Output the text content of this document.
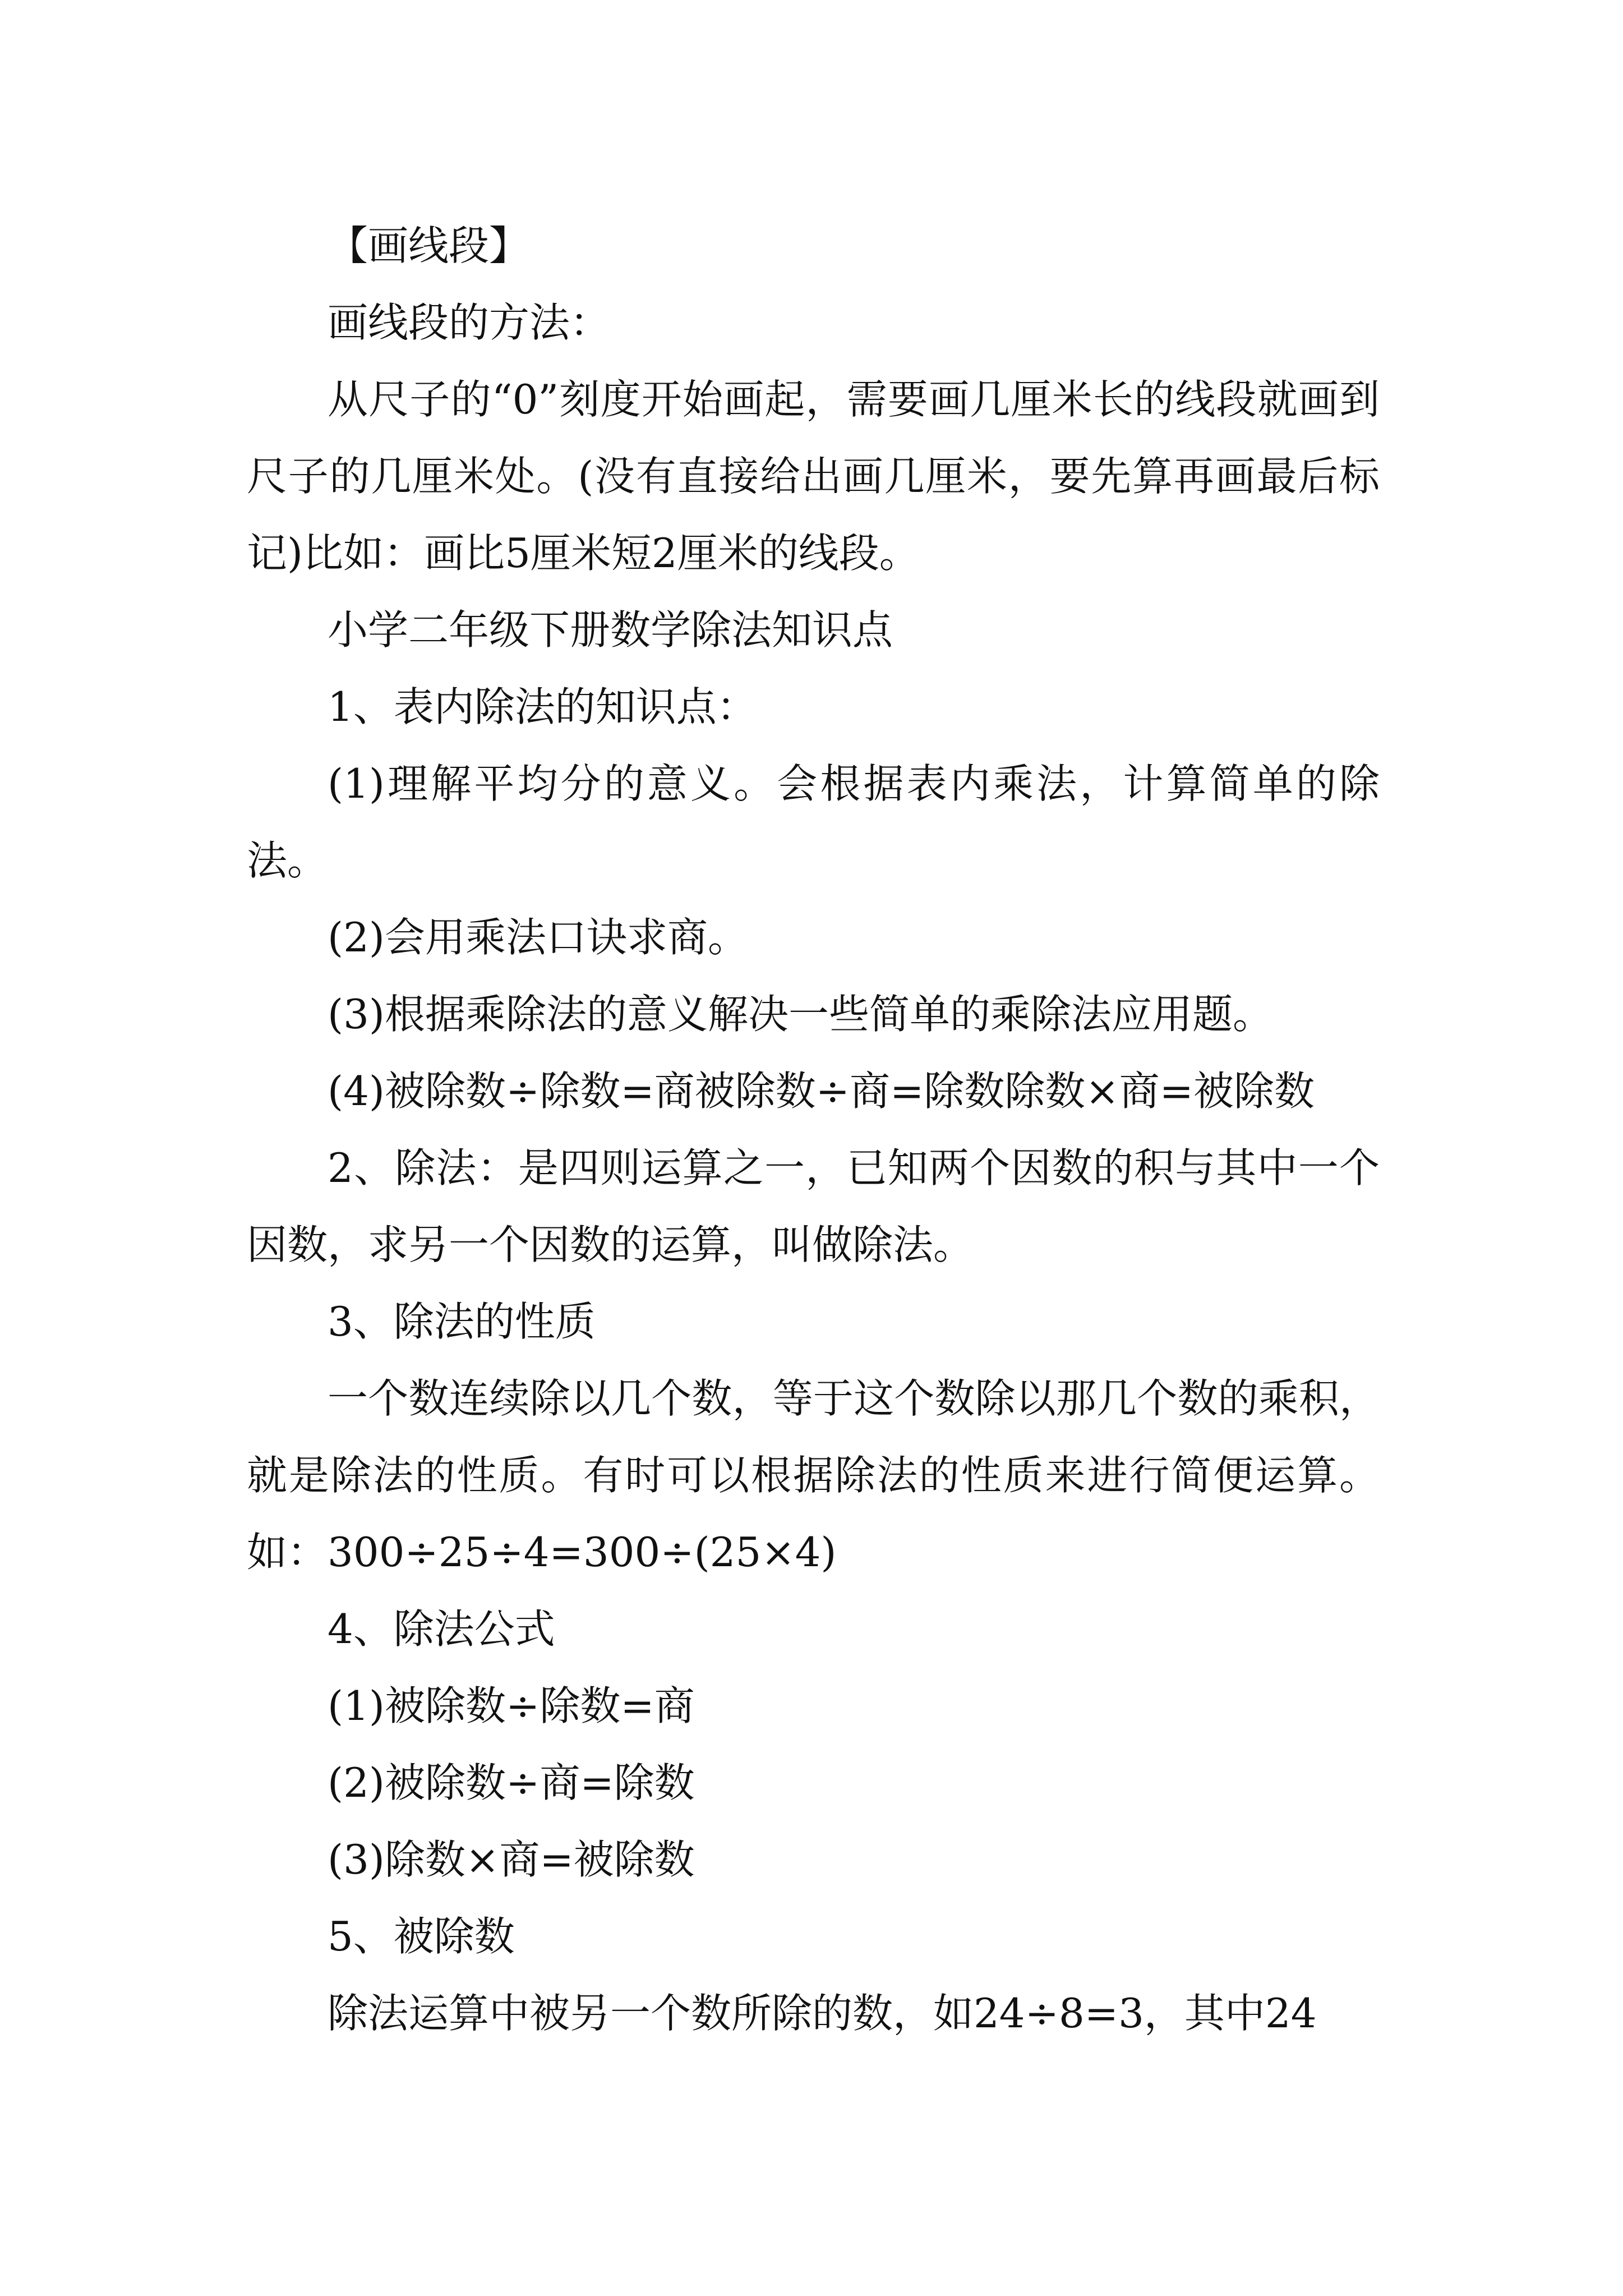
【画线段】

画线段的方法：

从尺子的“0”刻度开始画起，需要画几厘米长的线段就画到尺子的几厘米处。(没有直接给出画几厘米，要先算再画最后标记)比如：画比5厘米短2厘米的线段。

小学二年级下册数学除法知识点

1、表内除法的知识点：

(1)理解平均分的意义。会根据表内乘法，计算简单的除法。

(2)会用乘法口诀求商。

(3)根据乘除法的意义解决一些简单的乘除法应用题。

(4)被除数÷除数=商被除数÷商=除数除数×商=被除数

2、除法：是四则运算之一，已知两个因数的积与其中一个因数，求另一个因数的运算，叫做除法。

3、除法的性质

一个数连续除以几个数，等于这个数除以那几个数的乘积，就是除法的性质。有时可以根据除法的性质来进行简便运算。如：300÷25÷4=300÷(25×4)

4、除法公式

(1)被除数÷除数=商

(2)被除数÷商=除数

(3)除数×商=被除数

5、被除数

除法运算中被另一个数所除的数，如24÷8=3，其中24
